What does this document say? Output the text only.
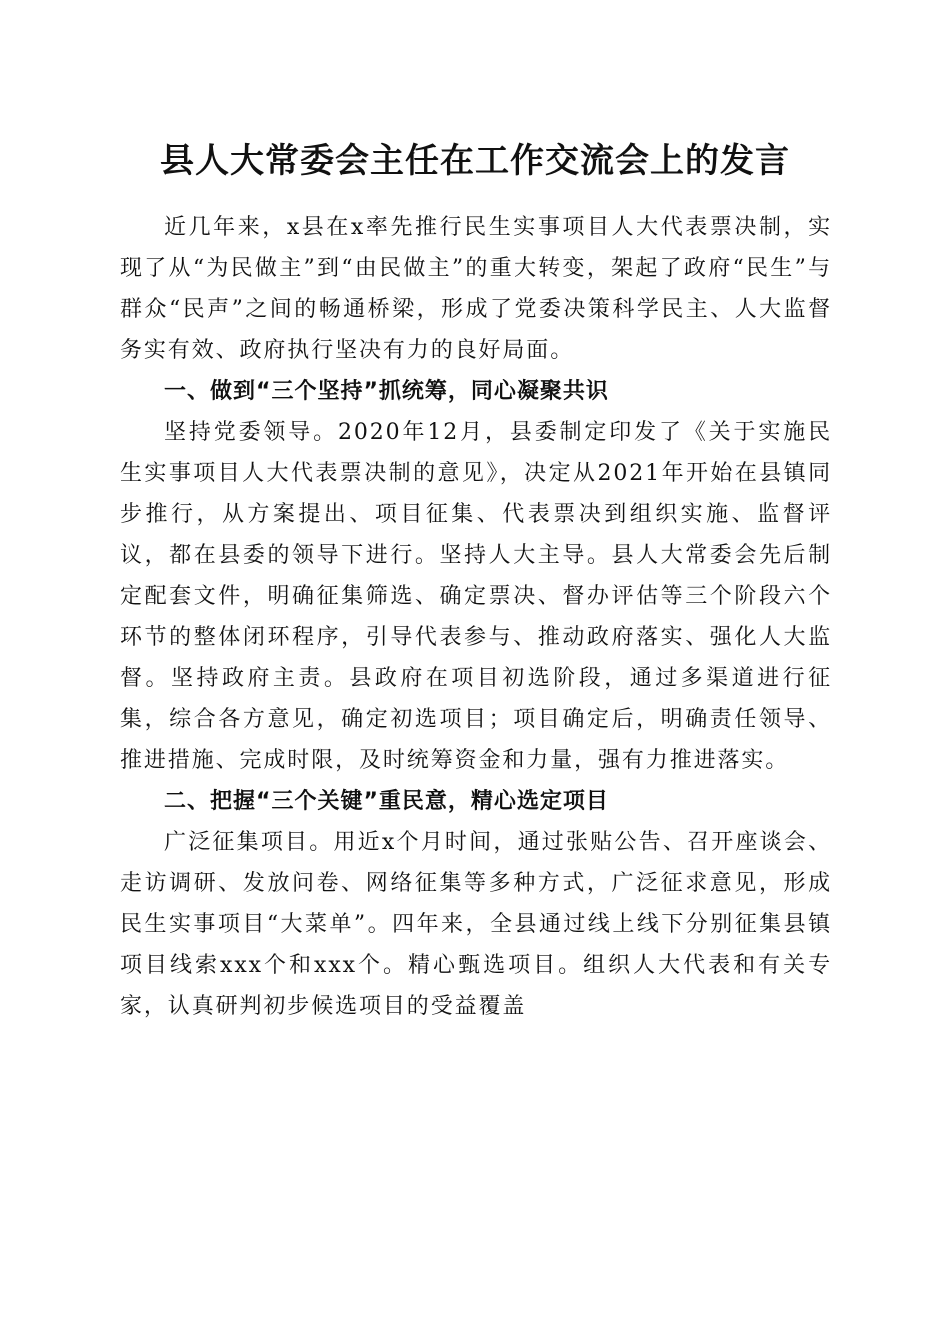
县人大常委会主任在工作交流会上的发言

近几年来，x县在x率先推行民生实事项目人大代表票决制，实现了从“为民做主”到“由民做主”的重大转变，架起了政府“民生”与群众“民声”之间的畅通桥梁，形成了党委决策科学民主、人大监督务实有效、政府执行坚决有力的良好局面。

一、做到“三个坚持”抓统筹，同心凝聚共识

坚持党委领导。2020年12月，县委制定印发了《关于实施民生实事项目人大代表票决制的意见》，决定从2021年开始在县镇同步推行，从方案提出、项目征集、代表票决到组织实施、监督评议，都在县委的领导下进行。坚持人大主导。县人大常委会先后制定配套文件，明确征集筛选、确定票决、督办评估等三个阶段六个环节的整体闭环程序，引导代表参与、推动政府落实、强化人大监督。坚持政府主责。县政府在项目初选阶段，通过多渠道进行征集，综合各方意见，确定初选项目；项目确定后，明确责任领导、推进措施、完成时限，及时统筹资金和力量，强有力推进落实。

二、把握“三个关键”重民意，精心选定项目

广泛征集项目。用近x个月时间，通过张贴公告、召开座谈会、走访调研、发放问卷、网络征集等多种方式，广泛征求意见，形成民生实事项目“大菜单”。四年来，全县通过线上线下分别征集县镇项目线索xxx个和xxx个。精心甄选项目。组织人大代表和有关专家，认真研判初步候选项目的受益覆盖
